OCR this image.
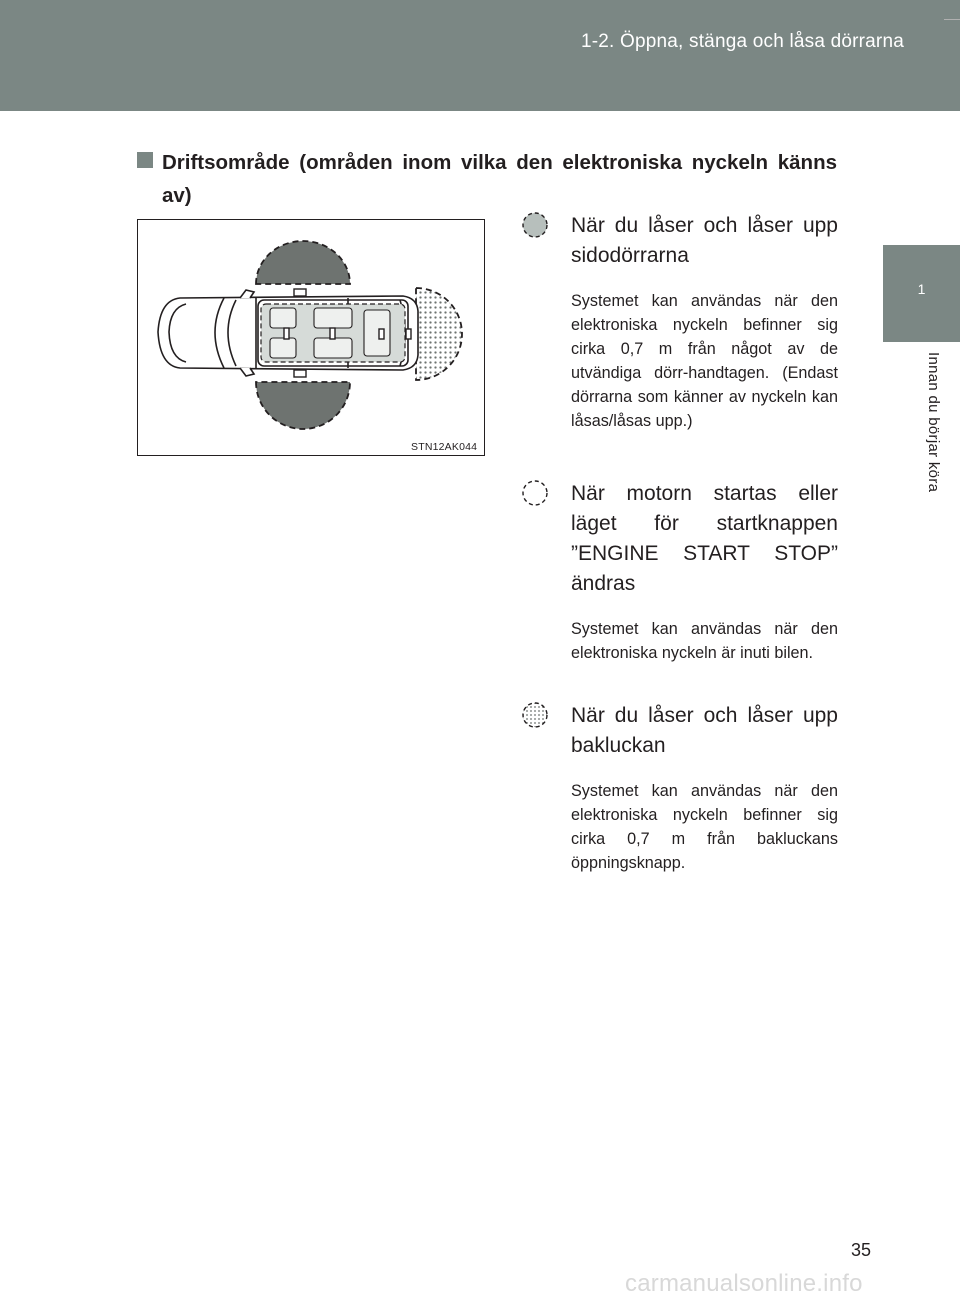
1-2. Öppna, stänga och låsa dörrarna
1
Innan du börjar köra
Driftsområde (områden inom vilka den elektroniska nyckeln känns av)
STN12AK044
När du låser och låser upp sidodörrarna
Systemet kan användas när den elektroniska nyckeln befinner sig cirka 0,7 m från något av de utvändiga dörr-handtagen. (Endast dörrarna som känner av nyckeln kan låsas/låsas upp.)
När motorn startas eller läget för startknappen ”ENGINE START STOP” ändras
Systemet kan användas när den elektroniska nyckeln är inuti bilen.
När du låser och låser upp bakluckan
Systemet kan användas när den elektroniska nyckeln befinner sig cirka 0,7 m från bakluckans öppningsknapp.
35
carmanualsonline.info
